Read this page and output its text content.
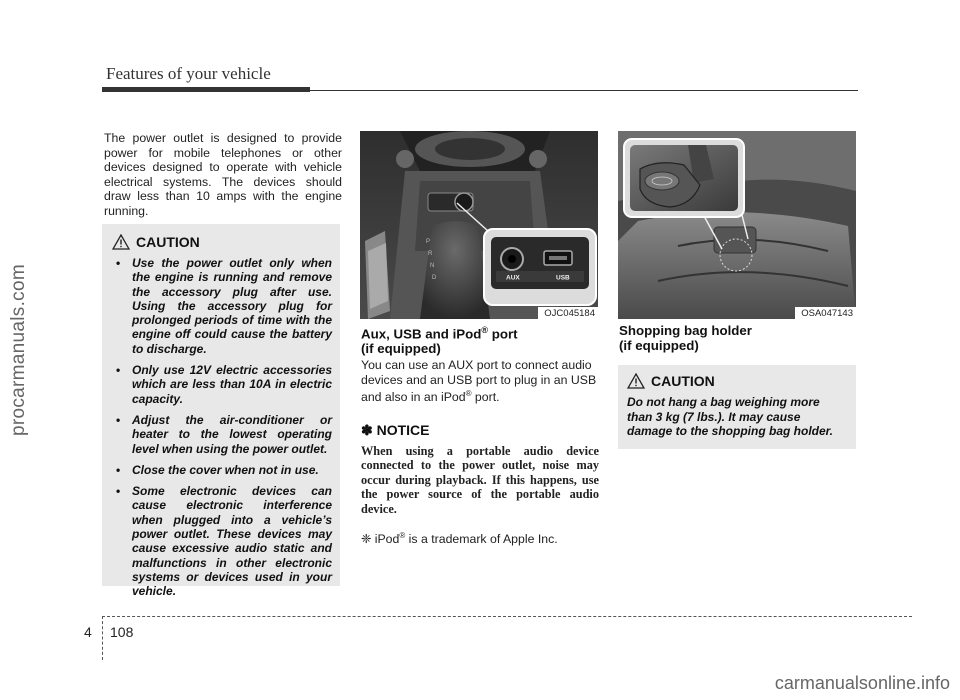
procarmanuals.com
carmanualsonline.info
Features of your vehicle

The power outlet is designed to provide power for mobile telephones or other devices designed to operate with vehicle electrical systems. The devices should draw less than 10 amps with the engine running.

CAUTION
• Use the power outlet only when the engine is running and remove the accessory plug after use. Using the accessory plug for prolonged periods of time with the engine off could cause the battery to discharge.
• Only use 12V electric accessories which are less than 10A in electric capacity.
• Adjust the air-conditioner or heater to the lowest operating level when using the power outlet.
• Close the cover when not in use.
• Some electronic devices can cause electronic interference when plugged into a vehicle’s power outlet. These devices may cause excessive audio static and malfunctions in other electronic systems or devices used in your vehicle.
P
R
N
D	AUX	USB
OJC045184	OSA047143
Aux, USB and iPod® port
(if equipped)

You can use an AUX port to connect audio devices and an USB port to plug in an USB and also in an iPod® port.

✽ NOTICE

When using a portable audio device connected to the power outlet, noise may occur during playback. If this happens, use the power source of the portable audio device.

❈ iPod® is a trademark of Apple Inc.
Shopping bag holder
(if equipped)
CAUTION

Do not hang a bag weighing more than 3 kg (7 lbs.). It may cause damage to the shopping bag holder.

4 108
